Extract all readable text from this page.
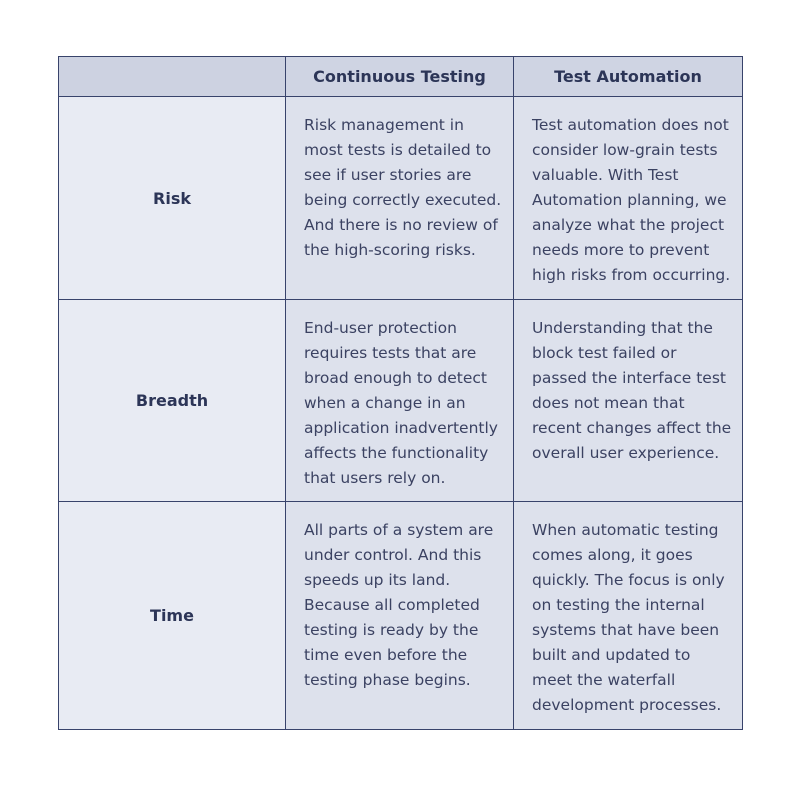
	Continuous Testing	Test Automation
Risk	Risk management in most tests is detailed to see if user stories are being correctly executed. And there is no review of the high-scoring risks.	Test automation does not consider low-grain tests valuable. With Test Automation planning, we analyze what the project needs more to prevent high risks from occurring.

Breadth	End-user protection requires tests that are broad enough to detect when a change in an application inadvertently affects the functionality that users rely on.	Understanding that the block test failed or passed the interface test does not mean that recent changes affect the overall user experience.

Time	All parts of a system are under control. And this speeds up its land. Because all completed testing is ready by the time even before the testing phase begins.	When automatic testing comes along, it goes quickly. The focus is only on testing the internal systems that have been built and updated to meet the waterfall development processes.
